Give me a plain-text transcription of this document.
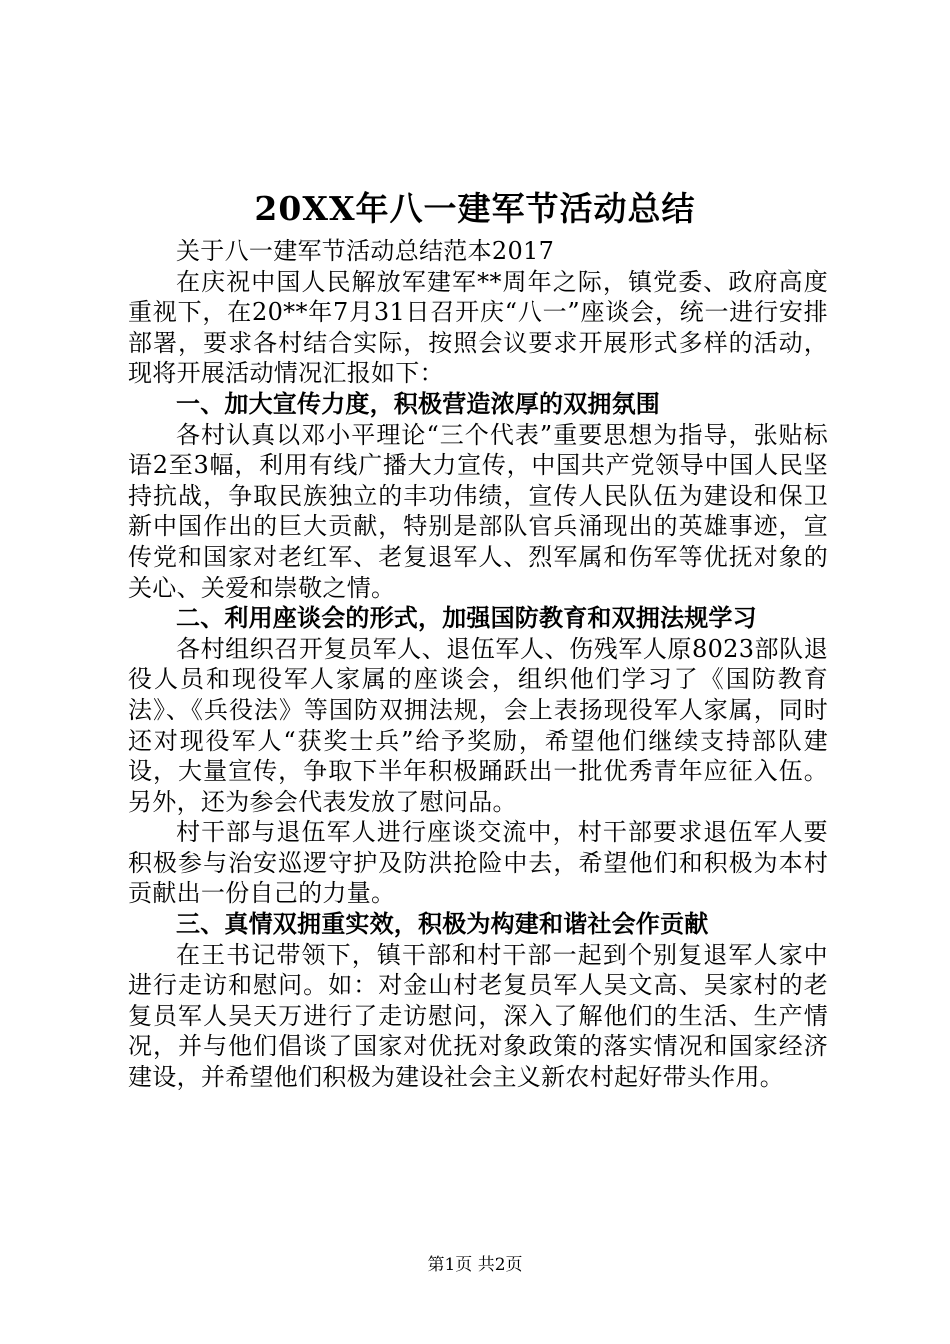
20XX年八一建军节活动总结

关于八一建军节活动总结范本2017

在庆祝中国人民解放军建军**周年之际，镇党委、政府高度重视下，在20**年7月31日召开庆“八一”座谈会，统一进行安排部署，要求各村结合实际，按照会议要求开展形式多样的活动，现将开展活动情况汇报如下：

一、加大宣传力度，积极营造浓厚的双拥氛围

各村认真以邓小平理论“三个代表”重要思想为指导，张贴标语2至3幅，利用有线广播大力宣传，中国共产党领导中国人民坚持抗战，争取民族独立的丰功伟绩，宣传人民队伍为建设和保卫新中国作出的巨大贡献，特别是部队官兵涌现出的英雄事迹，宣传党和国家对老红军、老复退军人、烈军属和伤军等优抚对象的关心、关爱和崇敬之情。

二、利用座谈会的形式，加强国防教育和双拥法规学习

各村组织召开复员军人、退伍军人、伤残军人原8023部队退役人员和现役军人家属的座谈会，组织他们学习了《国防教育法》、《兵役法》等国防双拥法规，会上表扬现役军人家属，同时还对现役军人“获奖士兵”给予奖励，希望他们继续支持部队建设，大量宣传，争取下半年积极踊跃出一批优秀青年应征入伍。另外，还为参会代表发放了慰问品。

村干部与退伍军人进行座谈交流中，村干部要求退伍军人要积极参与治安巡逻守护及防洪抢险中去，希望他们和积极为本村贡献出一份自己的力量。

三、真情双拥重实效，积极为构建和谐社会作贡献

在王书记带领下，镇干部和村干部一起到个别复退军人家中进行走访和慰问。如：对金山村老复员军人吴文高、吴家村的老复员军人吴天万进行了走访慰问，深入了解他们的生活、生产情况，并与他们倡谈了国家对优抚对象政策的落实情况和国家经济建设，并希望他们积极为建设社会主义新农村起好带头作用。

第1页 共2页
